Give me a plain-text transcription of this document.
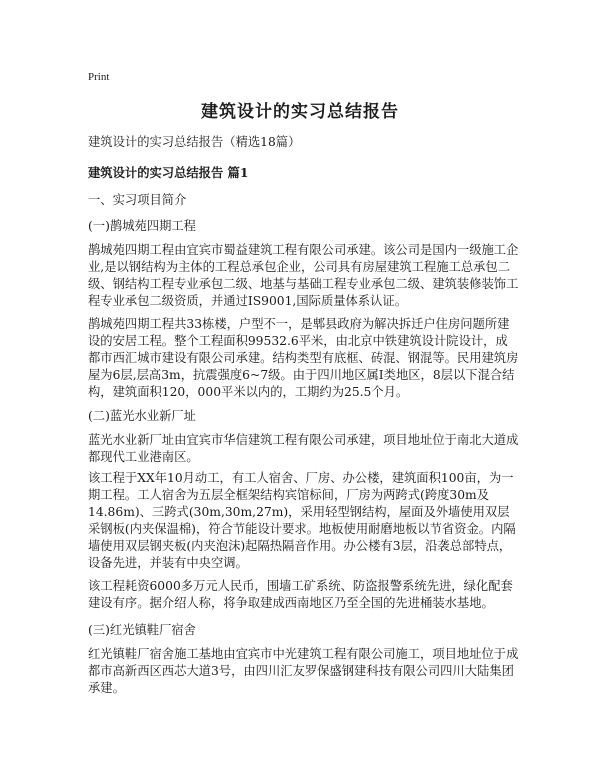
Print
建筑设计的实习总结报告

建筑设计的实习总结报告（精选18篇）

建筑设计的实习总结报告 篇1

一、实习项目简介

(一)鹊城苑四期工程

鹊城苑四期工程由宜宾市蜀益建筑工程有限公司承建。该公司是国内一级施工企业,是以钢结构为主体的工程总承包企业，公司具有房屋建筑工程施工总承包二级、钢结构工程专业承包二级、地基与基础工程专业承包二级、建筑装修装饰工程专业承包二级资质，并通过IS9001,国际质量体系认证。

鹊城苑四期工程共33栋楼，户型不一，是郫县政府为解决拆迁户住房问题所建设的安居工程。整个工程面积99532.6平米，由北京中铁建筑设计院设计，成都市西汇城市建设有限公司承建。结构类型有底框、砖混、钢混等。民用建筑房屋为6层,层高3m，抗震强度6~7级。由于四川地区属I类地区，8层以下混合结构，建筑面积120，000平米以内的，工期约为25.5个月。

(二)蓝光水业新厂址

蓝光水业新厂址由宜宾市华信建筑工程有限公司承建，项目地址位于南北大道成都现代工业港南区。

该工程于XX年10月动工，有工人宿舍、厂房、办公楼，建筑面积100亩，为一期工程。工人宿舍为五层全框架结构宾馆标间，厂房为两跨式(跨度30m及14.86m)、三跨式(30m,30m,27m)，采用轻型钢结构，屋面及外墙使用双层采钢板(内夹保温棉)，符合节能设计要求。地板使用耐磨地板以节省资金。内隔墙使用双层钢夹板(内夹泡沫)起隔热隔音作用。办公楼有3层，沿袭总部特点，设备先进，并装有中央空调。

该工程耗资6000多万元人民币，围墙工矿系统、防盗报警系统先进，绿化配套建设有序。据介绍人称，将争取建成西南地区乃至全国的先进桶装水基地。

(三)红光镇鞋厂宿舍

红光镇鞋厂宿舍施工基地由宜宾市中光建筑工程有限公司施工，项目地址位于成都市高新西区西芯大道3号，由四川汇友罗保盛钢建科技有限公司四川大陆集团承建。
